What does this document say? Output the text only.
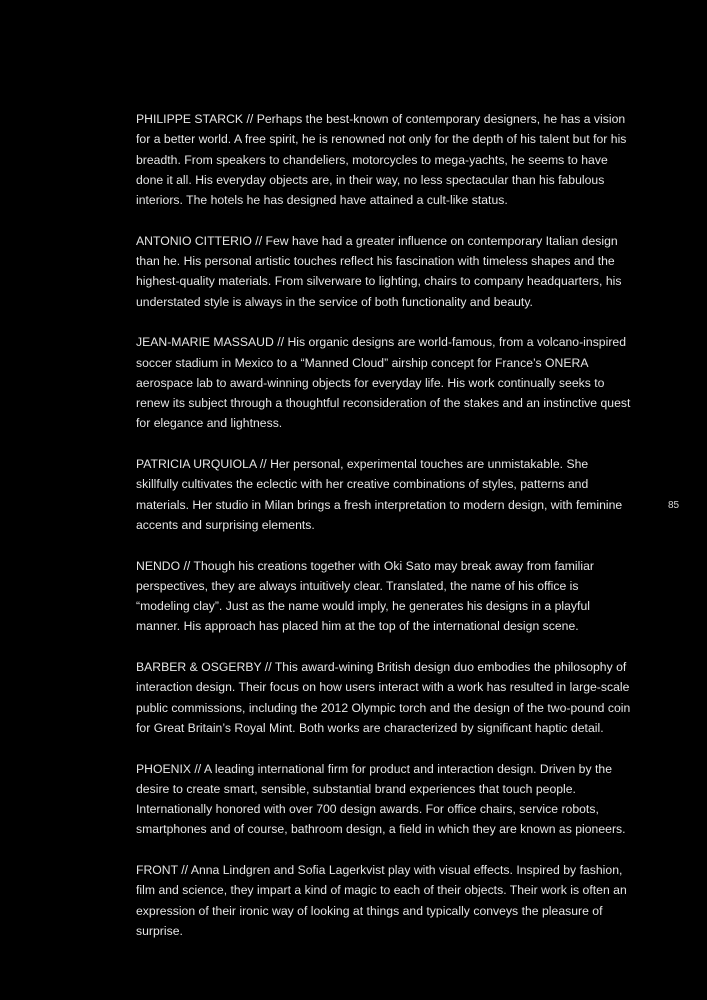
PHILIPPE STARCK // Perhaps the best-known of contemporary designers, he has a vision for a better world. A free spirit, he is renowned not only for the depth of his talent but for his breadth. From speakers to chandeliers, motorcycles to mega-yachts, he seems to have done it all. His everyday objects are, in their way, no less spectacular than his fabulous interiors. The hotels he has designed have attained a cult-like status.

ANTONIO CITTERIO // Few have had a greater influence on contemporary Italian design than he. His personal artistic touches reflect his fascination with timeless shapes and the highest-quality materials. From silverware to lighting, chairs to company headquarters, his understated style is always in the service of both functionality and beauty.

JEAN-MARIE MASSAUD // His organic designs are world-famous, from a volcano-inspired soccer stadium in Mexico to a “Manned Cloud” airship concept for France’s ONERA aerospace lab to award-winning objects for everyday life. His work continually seeks to renew its subject through a thoughtful reconsideration of the stakes and an instinctive quest for elegance and lightness.

PATRICIA URQUIOLA // Her personal, experimental touches are unmistakable. She skillfully cultivates the eclectic with her creative combinations of styles, patterns and materials. Her studio in Milan brings a fresh interpretation to modern design, with feminine accents and surprising elements.

NENDO // Though his creations together with Oki Sato may break away from familiar perspectives, they are always intuitively clear. Translated, the name of his office is “modeling clay”. Just as the name would imply, he generates his designs in a playful manner. His approach has placed him at the top of the international design scene.

BARBER & OSGERBY // This award-wining British design duo embodies the philosophy of interaction design. Their focus on how users interact with a work has resulted in large-scale public commissions, including the 2012 Olympic torch and the design of the two-pound coin for Great Britain’s Royal Mint. Both works are characterized by significant haptic detail.

PHOENIX // A leading international firm for product and interaction design. Driven by the desire to create smart, sensible, substantial brand experiences that touch people. Internationally honored with over 700 design awards. For office chairs, service robots, smartphones and of course, bathroom design, a field in which they are known as pioneers.

FRONT // Anna Lindgren and Sofia Lagerkvist play with visual effects. Inspired by fashion, film and science, they impart a kind of magic to each of their objects. Their work is often an expression of their ironic way of looking at things and typically conveys the pleasure of surprise.

85
